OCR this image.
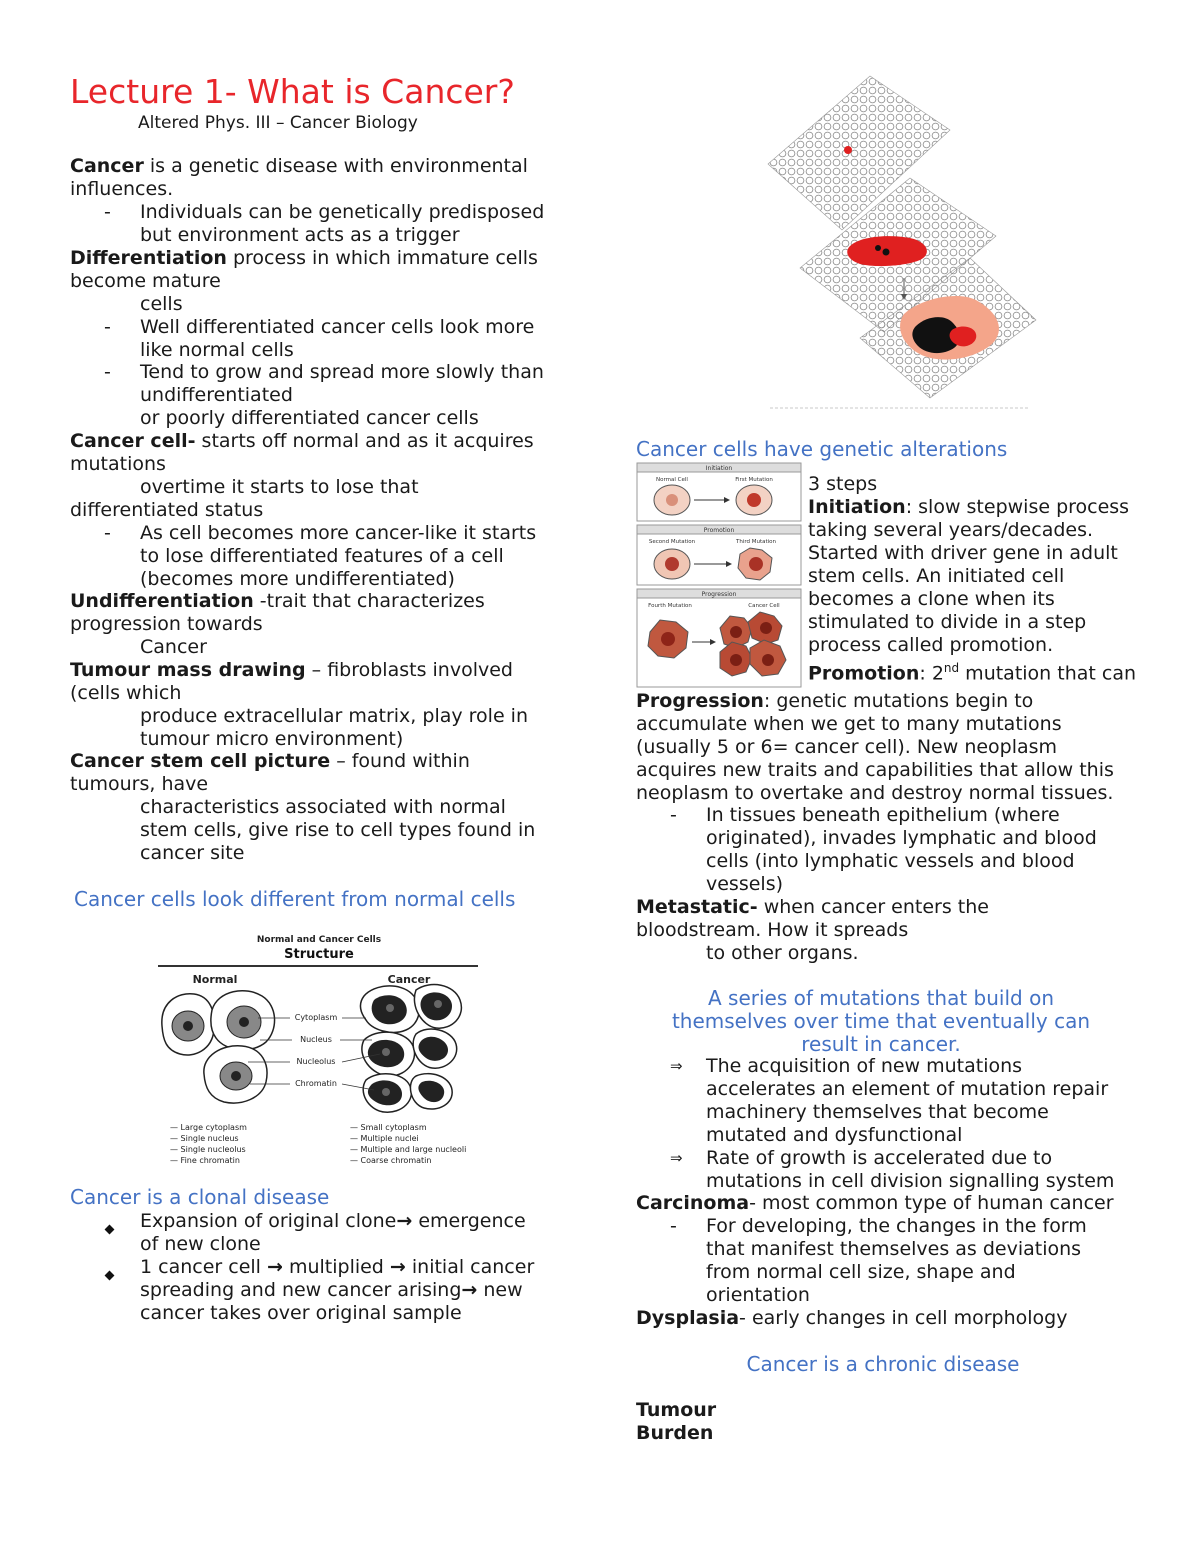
Lecture 1- What is Cancer?
Altered Phys. III – Cancer Biology
Cancer is a genetic disease with environmental
influences.
- Individuals can be genetically predisposed
but environment acts as a trigger
Differentiation process in which immature cells
become mature
cells
- Well differentiated cancer cells look more
like normal cells
- Tend to grow and spread more slowly than
undifferentiated
or poorly differentiated cancer cells
Cancer cell- starts off normal and as it acquires
mutations
overtime it starts to lose that
differentiated status
- As cell becomes more cancer-like it starts
to lose differentiated features of a cell
(becomes more undifferentiated)
Undifferentiation -trait that characterizes
progression towards
Cancer
Tumour mass drawing – fibroblasts involved
(cells which
produce extracellular matrix, play role in
tumour micro environment)
Cancer stem cell picture – found within
tumours, have
characteristics associated with normal
stem cells, give rise to cell types found in
cancer site
Cancer cells look different from normal cells
Normal and Cancer Cells
Structure
Normal	Cancer
Cytoplasm
Nucleus
Nucleolus
Chromatin
— Large cytoplasm
— Single nucleus
— Single nucleolus
— Fine chromatin
— Small cytoplasm
— Multiple nuclei
— Multiple and large nucleoli
— Coarse chromatin
Cancer is a clonal disease
Expansion of original clone→ emergence
of new clone
1 cancer cell → multiplied → initial cancer
spreading and new cancer arising→ new
cancer takes over original sample
Cancer cells have genetic alterations
Initiation
Normal Cell	First Mutation
Promotion
Second Mutation	Third Mutation
Progression
Fourth Mutation	Cancer Cell
3 steps
Initiation: slow stepwise process
taking several years/decades.
Started with driver gene in adult
stem cells. An initiated cell
becomes a clone when its
stimulated to divide in a step
process called promotion.
Promotion: 2nd mutation that can
Progression: genetic mutations begin to
accumulate when we get to many mutations
(usually 5 or 6= cancer cell). New neoplasm
acquires new traits and capabilities that allow this
neoplasm to overtake and destroy normal tissues.
- In tissues beneath epithelium (where
originated), invades lymphatic and blood
cells (into lymphatic vessels and blood
vessels)
Metastatic- when cancer enters the
bloodstream. How it spreads
to other organs.
A series of mutations that build on
themselves over time that eventually can
result in cancer.
⇒ The acquisition of new mutations
accelerates an element of mutation repair
machinery themselves that become
mutated and dysfunctional
⇒ Rate of growth is accelerated due to
mutations in cell division signalling system
Carcinoma- most common type of human cancer
- For developing, the changes in the form
that manifest themselves as deviations
from normal cell size, shape and
orientation
Dysplasia- early changes in cell morphology
Cancer is a chronic disease
Tumour
Burden
